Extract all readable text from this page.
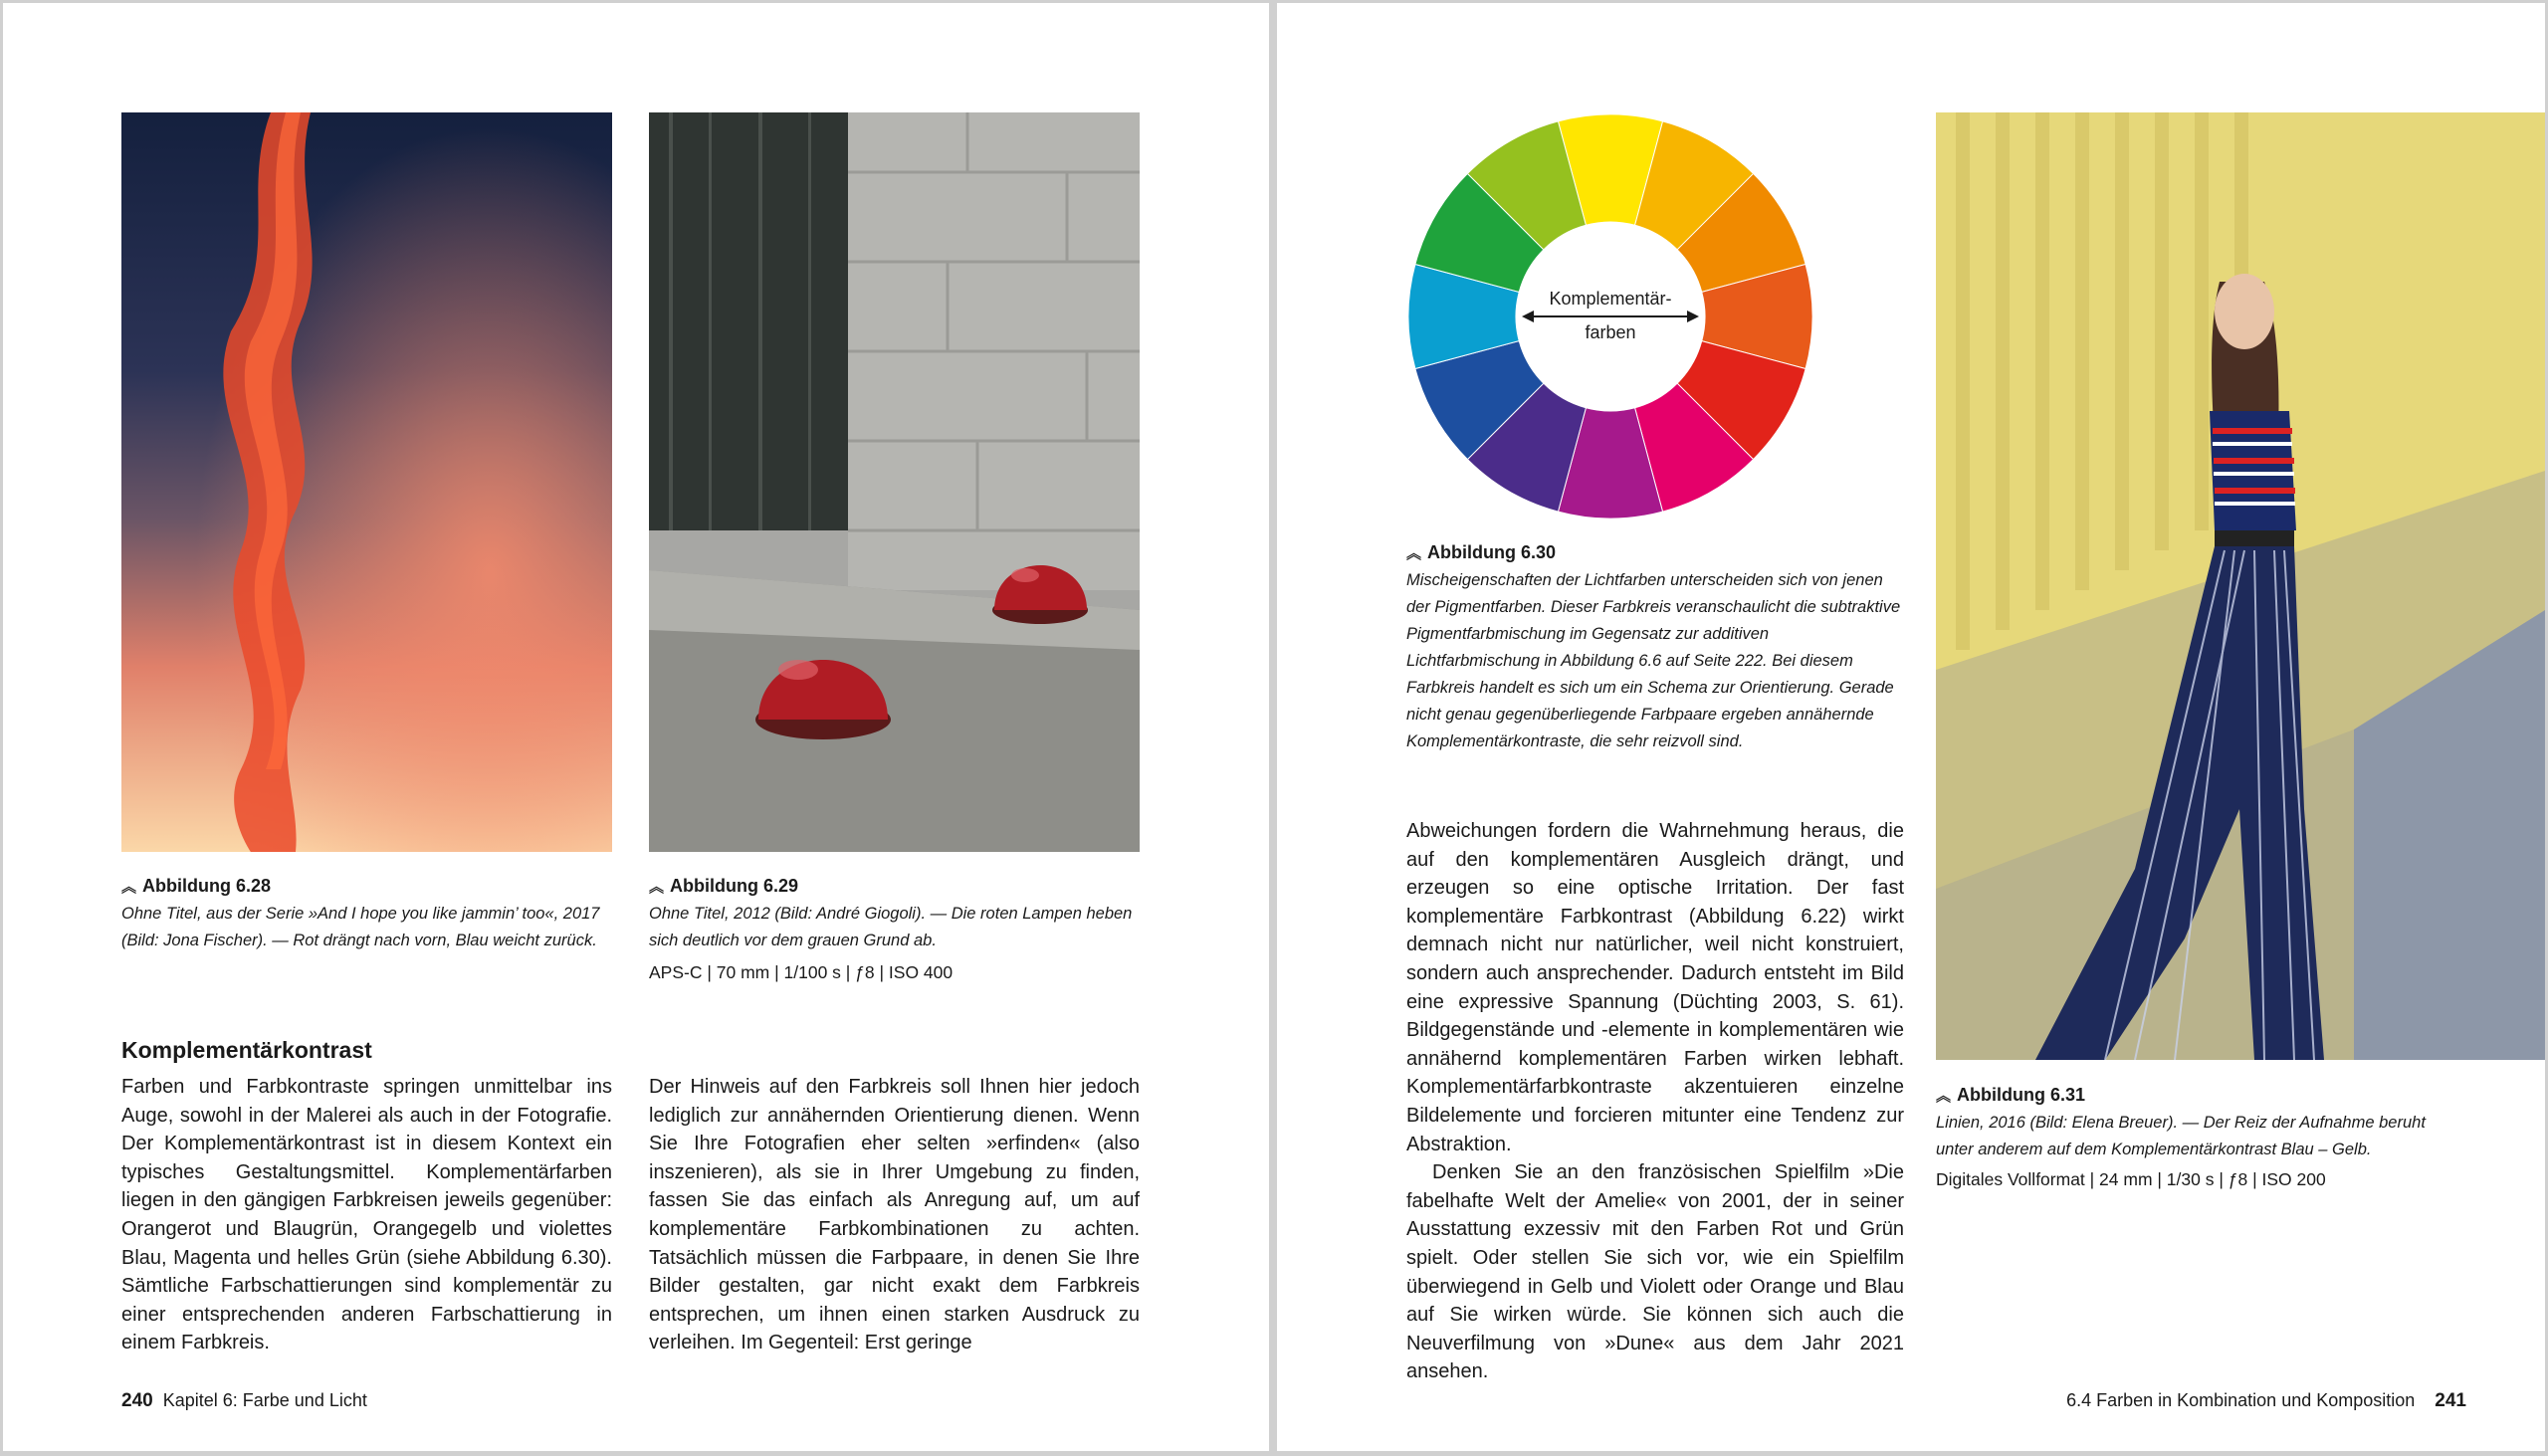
︽ Abbildung 6.28
Ohne Titel, aus der Serie »And I hope you like jammin’ too«, 2017 (Bild: Jona Fischer). — Rot drängt nach vorn, Blau weicht zurück.
︽ Abbildung 6.29
Ohne Titel, 2012 (Bild: André Giogoli). — Die roten Lampen heben sich deutlich vor dem grauen Grund ab.
APS-C | 70 mm | 1/100 s | ƒ8 | ISO 400
Komplementärkontrast

Farben und Farbkontraste springen unmittelbar ins Auge, sowohl in der Malerei als auch in der Fotografie. Der Komplementärkontrast ist in diesem Kontext ein typisches Gestaltungsmittel. Komplementärfarben liegen in den gängigen Farbkreisen jeweils gegenüber: Orangerot und Blaugrün, Orangegelb und violettes Blau, Magenta und helles Grün (siehe Abbildung 6.30). Sämtliche Farbschattierungen sind komplementär zu einer entsprechenden anderen Farbschattierung in einem Farbkreis.

Der Hinweis auf den Farbkreis soll Ihnen hier jedoch lediglich zur annähernden Orientierung dienen. Wenn Sie Ihre Fotografien eher selten »erfinden« (also inszenieren), als sie in Ihrer Umgebung zu finden, fassen Sie das einfach als Anregung auf, um auf komplementäre Farbkombinationen zu achten. Tatsächlich müssen die Farbpaare, in denen Sie Ihre Bilder gestalten, gar nicht exakt dem Farbkreis entsprechen, um ihnen einen starken Ausdruck zu verleihen. Im Gegenteil: Erst geringe

240 Kapitel 6: Farbe und Licht
Komplementär-
farben
︽ Abbildung 6.30
Mischeigenschaften der Lichtfarben unterscheiden sich von jenen der Pigmentfarben. Dieser Farbkreis veranschaulicht die subtraktive Pigmentfarbmischung im Gegensatz zur additiven Lichtfarbmischung in Abbildung 6.6 auf Seite 222. Bei diesem Farbkreis handelt es sich um ein Schema zur Orientierung. Gerade nicht genau gegenüberliegende Farbpaare ergeben annähernde Komplementärkontraste, die sehr reizvoll sind.

Abweichungen fordern die Wahrnehmung heraus, die auf den komplementären Ausgleich drängt, und erzeugen so eine optische Irritation. Der fast komplementäre Farbkontrast (Abbildung 6.22) wirkt demnach nicht nur natürlicher, weil nicht konstruiert, sondern auch ansprechender. Dadurch entsteht im Bild eine expressive Spannung (Düchting 2003, S. 61). Bildgegenstände und -elemente in komplementären wie annähernd komplementären Farben wirken lebhaft. Komplementärfarbkontraste akzentuieren einzelne Bildelemente und forcieren mitunter eine Tendenz zur Abstraktion.

Denken Sie an den französischen Spielfilm »Die fabelhafte Welt der Amelie« von 2001, der in seiner Ausstattung exzessiv mit den Farben Rot und Grün spielt. Oder stellen Sie sich vor, wie ein Spielfilm überwiegend in Gelb und Violett oder Orange und Blau auf Sie wirken würde. Sie können sich auch die Neuverfilmung von »Dune« aus dem Jahr 2021 ansehen.

︽ Abbildung 6.31
Linien, 2016 (Bild: Elena Breuer). — Der Reiz der Aufnahme beruht unter anderem auf dem Komplementärkontrast Blau – Gelb.
Digitales Vollformat | 24 mm | 1/30 s | ƒ8 | ISO 200
6.4 Farben in Kombination und Komposition 241
